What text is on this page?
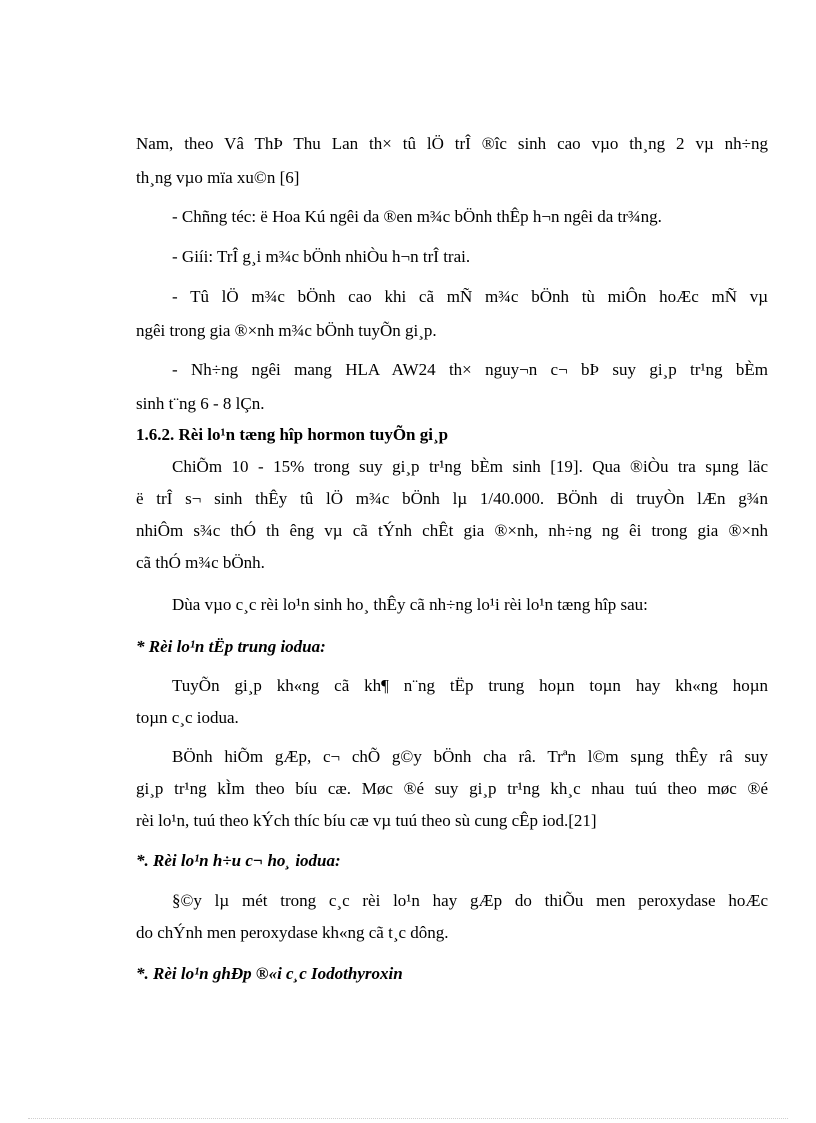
Nam, theo Vâ ThÞ Thu Lan th× tû lÖ trÎ ®îc sinh cao vµo th¸ng 2 vµ nh÷ng
th¸ng vµo mïa xu©n [6]
- Chñng téc: ë Hoa Kú ngêi da ®en m¾c bÖnh thÊp h¬n ngêi da tr¾ng.
- Giíi: TrÎ g¸i m¾c bÖnh nhiÒu h¬n trÎ trai.
- Tû lÖ m¾c bÖnh cao khi cã mÑ m¾c bÖnh tù miÔn hoÆc mÑ vµ
ngêi trong gia ®×nh m¾c bÖnh tuyÕn gi¸p.
- Nh÷ng ngêi mang HLA AW24 th× nguy¬n c¬ bÞ suy gi¸p tr¹ng bÈm
sinh t¨ng 6 - 8 lÇn.
1.6.2. Rèi lo¹n tæng hîp hormon tuyÕn gi¸p
ChiÕm 10 - 15% trong suy gi¸p tr¹ng bÈm sinh [19]. Qua ®iÒu tra sµng läc
ë trÎ s¬ sinh thÊy tû lÖ m¾c bÖnh lµ 1/40.000. BÖnh di truyÒn lÆn g¾n
nhiÔm s¾c thÓ th êng vµ cã tÝnh chÊt gia ®×nh, nh÷ng ng êi trong gia ®×nh
cã thÓ m¾c bÖnh.
Dùa vµo c¸c rèi lo¹n sinh ho¸ thÊy cã nh÷ng lo¹i rèi lo¹n tæng hîp sau:
* Rèi lo¹n tËp trung iodua:
TuyÕn gi¸p kh«ng cã kh¶ n¨ng tËp trung hoµn toµn hay kh«ng hoµn
toµn c¸c iodua.
BÖnh hiÕm gÆp, c¬ chÕ g©y bÖnh cha râ. Trªn l©m sµng thÊy râ suy
gi¸p tr¹ng kÌm theo bíu cæ. Møc ®é suy gi¸p tr¹ng kh¸c nhau tuú theo møc ®é
rèi lo¹n, tuú theo kÝch thíc bíu cæ vµ tuú theo sù cung cÊp iod.[21]
*. Rèi lo¹n h÷u c¬ ho¸ iodua:
§©y lµ mét trong c¸c rèi lo¹n hay gÆp do thiÕu men peroxydase hoÆc
do chÝnh men peroxydase kh«ng cã t¸c dông.
*. Rèi lo¹n ghÐp ®«i c¸c Iodothyroxin
